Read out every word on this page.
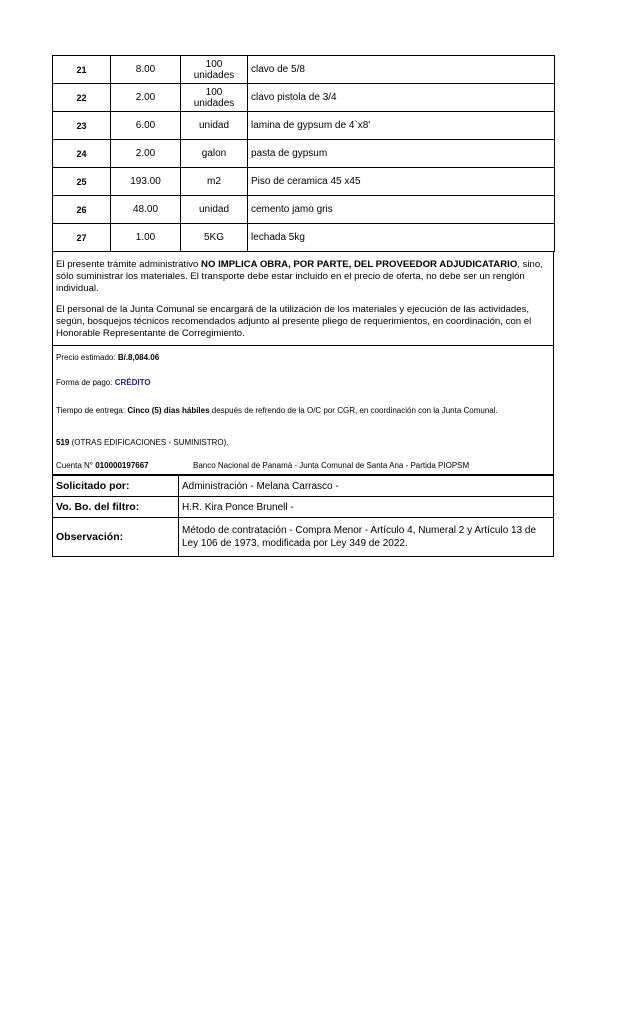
21	8.00	100 unidades	clavo de 5/8
22	2.00	100 unidades	clavo pistola de 3/4
23	6.00	unidad	lamina de gypsum de 4`x8'
24	2.00	galon	pasta de gypsum
25	193.00	m2	Piso de ceramica 45 x45
26	48.00	unidad	cemento jamo gris
27	1.00	5KG	lechada 5kg

El presente trámite administrativo NO IMPLICA OBRA, POR PARTE, DEL PROVEEDOR ADJUDICATARIO, sino, sólo suministrar los materiales. El transporte debe estar incluido en el precio de oferta, no debe ser un renglón individual.

El personal de la Junta Comunal se encargará de la utilización de los materiales y ejecución de las actividades, según, bosquejos técnicos recomendados adjunto al presente pliego de requerimientos, en coordinación, con el Honorable Representante de Corregimiento.

Precio estimado: B/.8,084.06
Forma de pago: CRÉDITO
Tiempo de entrega: Cinco (5) dias hábiles después de refrendo de la O/C por CGR, en coordinación con la Junta Comunal.
519 (OTRAS EDIFICACIONES - SUMINISTRO).
Cuenta N° 010000197667	Banco Nacional de Panamá - Junta Comunal de Santa Ana - Partida PIOPSM
Solicitado por:	Administración - Melana Carrasco -
Vo. Bo. del filtro:	H.R. Kira Ponce Brunell -
Observación:	Método de contratación - Compra Menor - Artículo 4, Numeral 2 y Artículo 13 de Ley 106 de 1973, modificada por Ley 349 de 2022.
